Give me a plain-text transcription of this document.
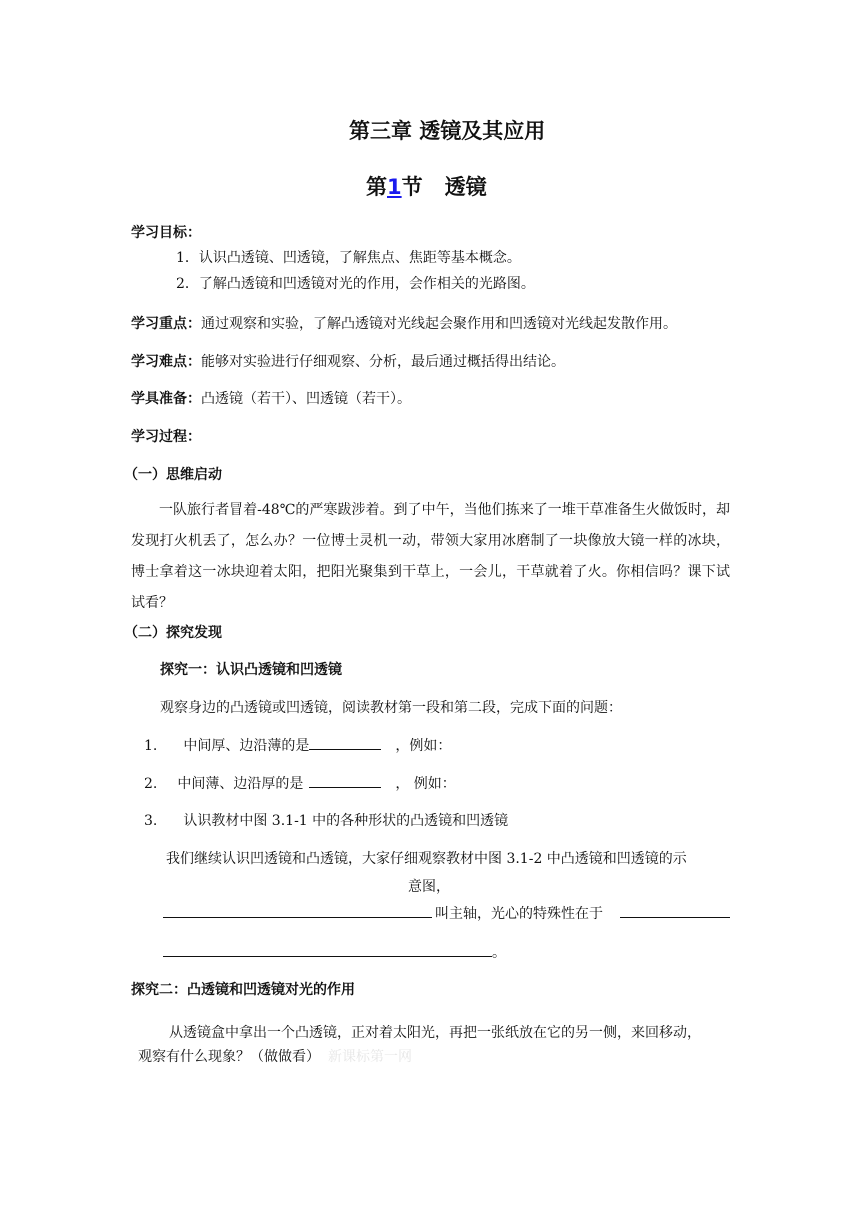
第三章 透镜及其应用
第1节 透镜
学习目标：
1．认识凸透镜、凹透镜，了解焦点、焦距等基本概念。
2．了解凸透镜和凹透镜对光的作用，会作相关的光路图。
学习重点：通过观察和实验，了解凸透镜对光线起会聚作用和凹透镜对光线起发散作用。
学习难点：能够对实验进行仔细观察、分析，最后通过概括得出结论。
学具准备：凸透镜（若干）、凹透镜（若干）。
学习过程：
（一）思维启动
一队旅行者冒着-48℃的严寒跋涉着。到了中午，当他们拣来了一堆干草准备生火做饭时，却发现打火机丢了，怎么办？一位博士灵机一动，带领大家用冰磨制了一块像放大镜一样的冰块，博士拿着这一冰块迎着太阳，把阳光聚集到干草上，一会儿，干草就着了火。你相信吗？课下试试看？
（二）探究发现
探究一：认识凸透镜和凹透镜
观察身边的凸透镜或凹透镜，阅读教材第一段和第二段，完成下面的问题：
1. 中间厚、边沿薄的是	，例如：
2. 中间薄、边沿厚的是	， 例如：
3. 认识教材中图 3.1-1 中的各种形状的凸透镜和凹透镜
我们继续认识凹透镜和凸透镜，大家仔细观察教材中图 3.1-2 中凸透镜和凹透镜的示
意图，
叫主轴，光心的特殊性在于
。
探究二：凸透镜和凹透镜对光的作用
从透镜盒中拿出一个凸透镜，正对着太阳光，再把一张纸放在它的另一侧，来回移动，
观察有什么现象？（做做看） 新课标第一网
